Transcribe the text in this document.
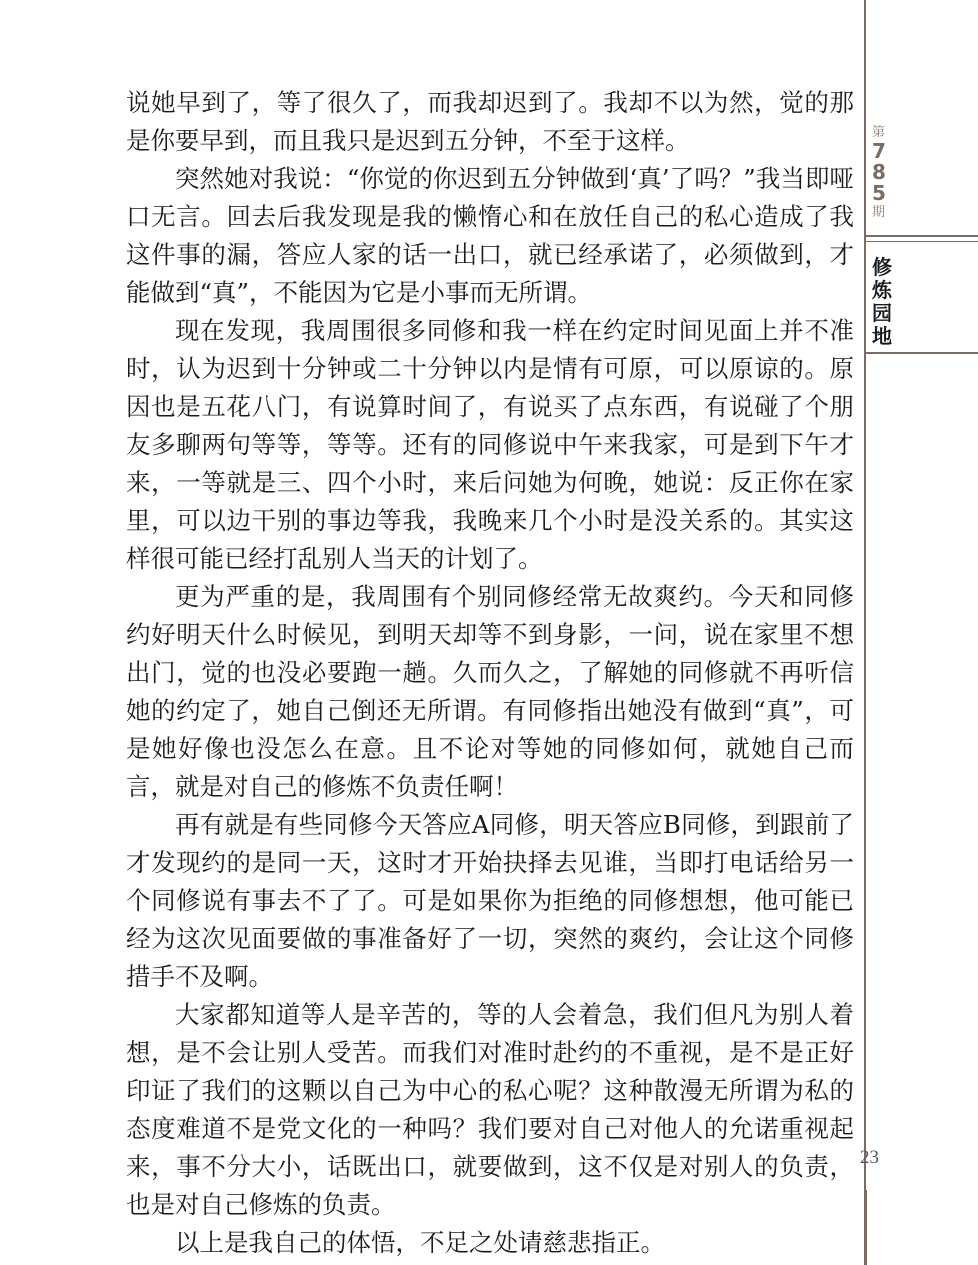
第
785
期
修
炼
园
地

说她早到了，等了很久了，而我却迟到了。我却不以为然，觉的那是你要早到，而且我只是迟到五分钟，不至于这样。

突然她对我说：“你觉的你迟到五分钟做到‘真’了吗？”我当即哑口无言。回去后我发现是我的懒惰心和在放任自己的私心造成了我这件事的漏，答应人家的话一出口，就已经承诺了，必须做到，才能做到“真”，不能因为它是小事而无所谓。

现在发现，我周围很多同修和我一样在约定时间见面上并不准时，认为迟到十分钟或二十分钟以内是情有可原，可以原谅的。原因也是五花八门，有说算时间了，有说买了点东西，有说碰了个朋友多聊两句等等，等等。还有的同修说中午来我家，可是到下午才来，一等就是三、四个小时，来后问她为何晚，她说：反正你在家里，可以边干别的事边等我，我晚来几个小时是没关系的。其实这样很可能已经打乱别人当天的计划了。

更为严重的是，我周围有个别同修经常无故爽约。今天和同修约好明天什么时候见，到明天却等不到身影，一问，说在家里不想出门，觉的也没必要跑一趟。久而久之，了解她的同修就不再听信她的约定了，她自己倒还无所谓。有同修指出她没有做到“真”，可是她好像也没怎么在意。且不论对等她的同修如何，就她自己而言，就是对自己的修炼不负责任啊！

再有就是有些同修今天答应A同修，明天答应B同修，到跟前了才发现约的是同一天，这时才开始抉择去见谁，当即打电话给另一个同修说有事去不了了。可是如果你为拒绝的同修想想，他可能已经为这次见面要做的事准备好了一切，突然的爽约，会让这个同修措手不及啊。

大家都知道等人是辛苦的，等的人会着急，我们但凡为别人着想，是不会让别人受苦。而我们对准时赴约的不重视，是不是正好印证了我们的这颗以自己为中心的私心呢？这种散漫无所谓为私的态度难道不是党文化的一种吗？我们要对自己对他人的允诺重视起来，事不分大小，话既出口，就要做到，这不仅是对别人的负责，也是对自己修炼的负责。

以上是我自己的体悟，不足之处请慈悲指正。

23
